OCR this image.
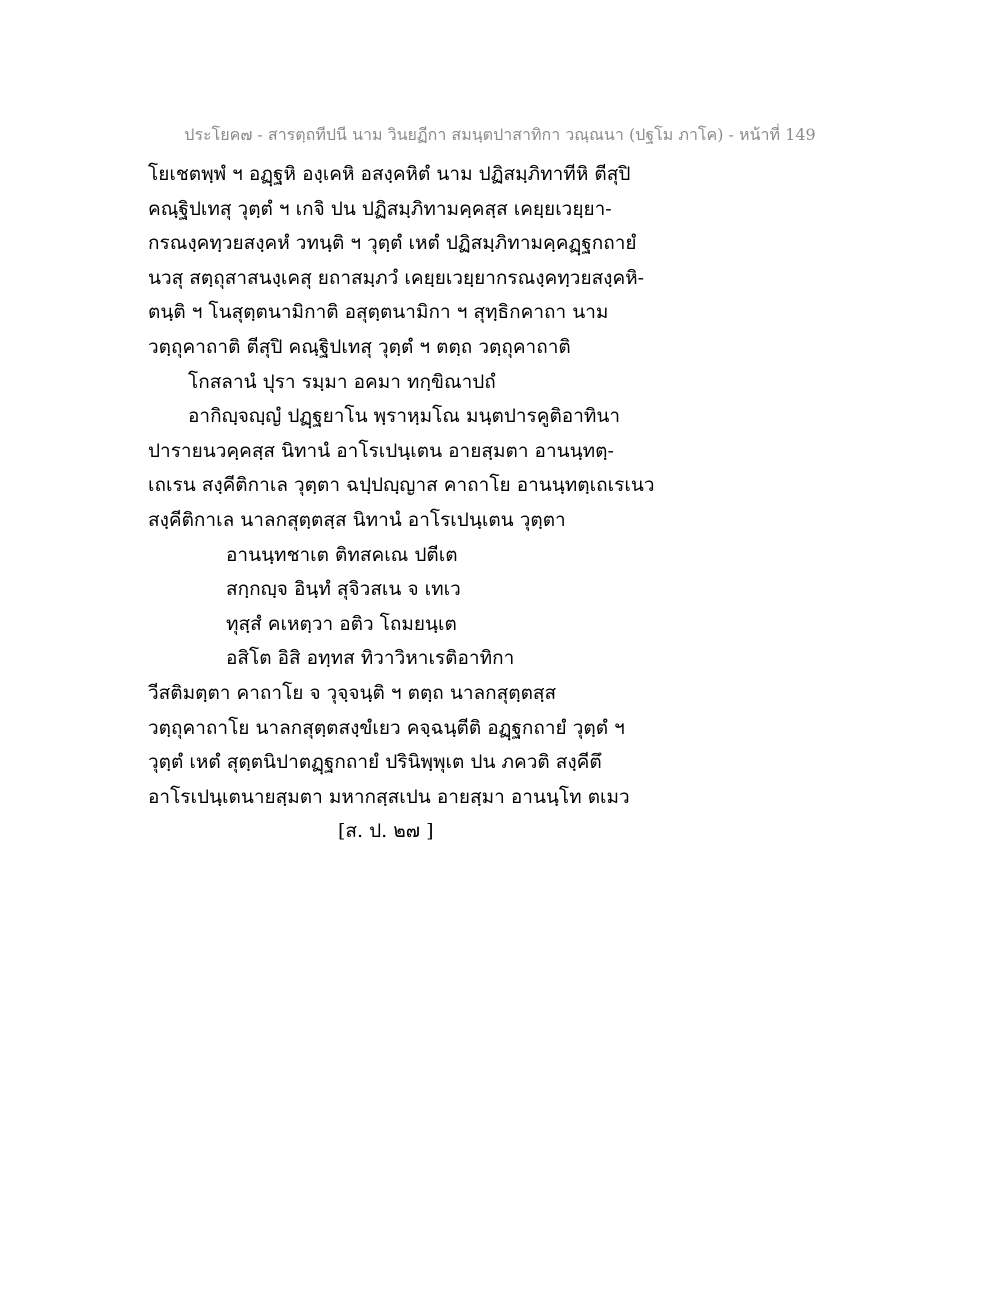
ประโยค๗ - สารตฺถทีปนี นาม วินยฏีกา สมนฺตปาสาทิกา วณฺณนา (ปฐโม ภาโค) - หน้าที่ 149
โยเชตพฺพํ ฯ อฏฺฐหิ องฺเคหิ อสงฺคหิตํ นาม ปฏิสมฺภิทาทีหิ ตีสุปิ
คณฺฐิปเทสุ วุตฺตํ ฯ เกจิ ปน ปฏิสมฺภิทามคฺคสฺส เคยฺยเวยฺยา-
กรณงฺคทฺวยสงฺคหํ วทนฺติ ฯ วุตฺตํ เหตํ ปฏิสมฺภิทามคฺคฏฺฐกถายํ
นวสุ สตฺถุสาสนงฺเคสุ ยถาสมฺภวํ เคยฺยเวยฺยากรณงฺคทฺวยสงฺคหิ-
ตนฺติ ฯ โนสุตฺตนามิกาติ อสุตฺตนามิกา ฯ สุทฺธิกคาถา นาม
วตฺถุคาถาติ ตีสุปิ คณฺฐิปเทสุ วุตฺตํ ฯ ตตฺถ วตฺถุคาถาติ
โกสลานํ ปุรา รมฺมา อคมา ทกฺขิณาปถํ
อากิญฺจญฺญํ ปฏฺฐยาโน พฺราหฺมโณ มนฺตปารคูติอาทินา
ปารายนวคฺคสฺส นิทานํ อาโรเปนฺเตน อายสฺมตา อานนฺทตฺ-
เถเรน สงฺคีติกาเล วุตฺตา ฉปฺปญฺญาส คาถาโย อานนฺทตฺเถเรเนว
สงฺคีติกาเล นาลกสุตฺตสฺส นิทานํ อาโรเปนฺเตน วุตฺตา
อานนฺทชาเต ติทสคเณ ปตีเต
สกฺกญฺจ อินฺทํ สุจิวสเน จ เทเว
ทุสฺสํ คเหตฺวา อติว โถมยนฺเต
อสิโต อิสิ อทฺทส ทิวาวิหาเรติอาทิกา
วีสติมตฺตา คาถาโย จ วุจฺจนฺติ ฯ ตตฺถ นาลกสุตฺตสฺส
วตฺถุคาถาโย นาลกสุตฺตสงฺขํเยว คจฺฉนฺตีติ อฏฺฐกถายํ วุตฺตํ ฯ
วุตฺตํ เหตํ สุตฺตนิปาตฏฺฐกถายํ ปรินิพฺพุเต ปน ภควติ สงฺคีตึ
อาโรเปนฺเตนายสฺมตา มหากสฺสเปน อายสฺมา อานนฺโท ตเมว
[ส. ป. ๒๗ ]
